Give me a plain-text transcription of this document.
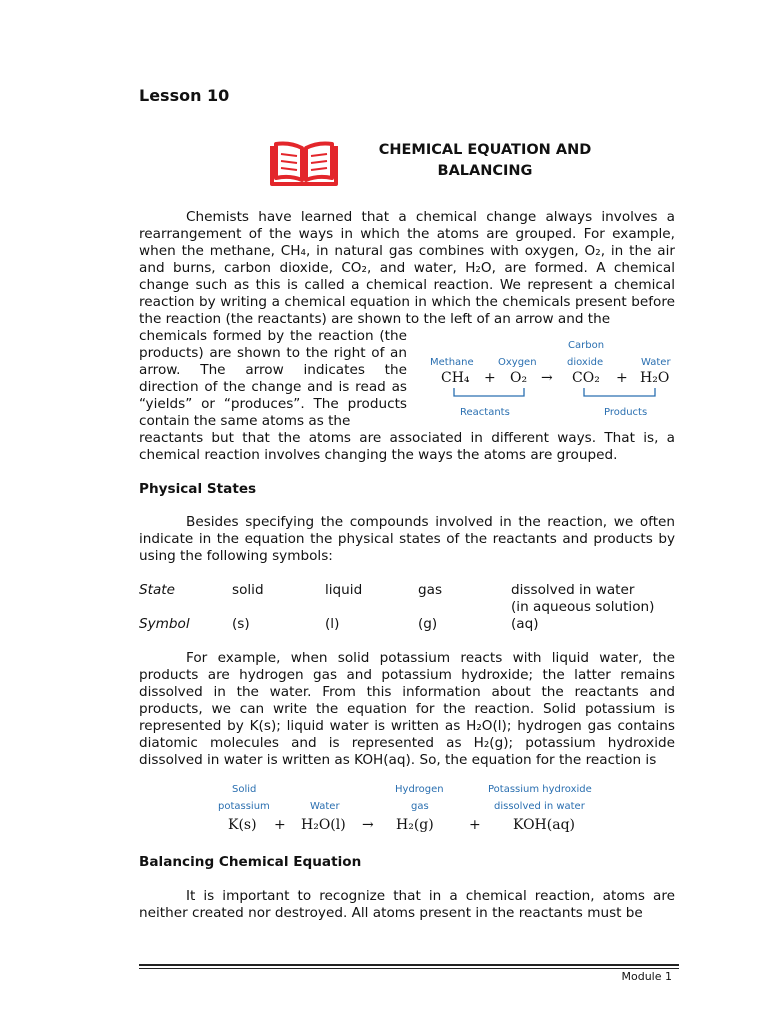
Lesson 10
CHEMICAL EQUATION AND
BALANCING
Chemists have learned that a chemical change always involves a rearrangement of the ways in which the atoms are grouped. For example, when the methane, CH₄, in natural gas combines with oxygen, O₂, in the air and burns, carbon dioxide, CO₂, and water, H₂O, are formed. A chemical change such as this is called a chemical reaction. We represent a chemical reaction by writing a chemical equation in which the chemicals present before the reaction (the reactants) are shown to the left of an arrow and the
chemicals formed by the reaction (the products) are shown to the right of an arrow. The arrow indicates the direction of the change and is read as “yields” or “produces”. The products contain the same atoms as the
reactants but that the atoms are associated in different ways. That is, a chemical reaction involves changing the ways the atoms are grouped.
Methane Oxygen
Carbon
dioxide	Water
CH₄ + O₂ → CO₂ + H₂O
Reactants	Products
Physical States
Besides specifying the compounds involved in the reaction, we often indicate in the equation the physical states of the reactants and products by using the following symbols:
State	solid	liquid	gas	dissolved in water
(in aqueous solution)
Symbol	(s)	(l)	(g)	(aq)
For example, when solid potassium reacts with liquid water, the products are hydrogen gas and potassium hydroxide; the latter remains dissolved in the water. From this information about the reactants and products, we can write the equation for the reaction. Solid potassium is represented by K(s); liquid water is written as H₂O(l); hydrogen gas contains diatomic molecules and is represented as H₂(g); potassium hydroxide dissolved in water is written as KOH(aq). So, the equation for the reaction is
Solid
potassium	Water
Hydrogen
gas
Potassium hydroxide
dissolved in water
K(s) + H₂O(l) → H₂(g)	+ KOH(aq)
Balancing Chemical Equation
It is important to recognize that in a chemical reaction, atoms are neither created nor destroyed. All atoms present in the reactants must be
Module 1
